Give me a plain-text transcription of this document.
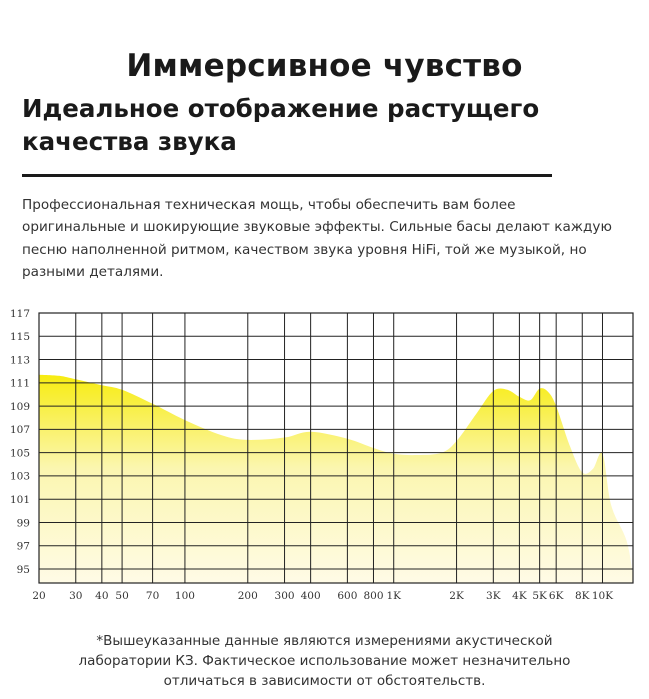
Иммерсивное чувство
Идеальное отображение растущего качества звука
Профессиональная техническая мощь, чтобы обеспечить вам более оригинальные и шокирующие звуковые эффекты. Сильные басы делают каждую песню наполненной ритмом, качеством звука уровня HiFi, той же музыкой, но разными деталями.
95
97
99
101
103
105
107
109
111
113
115
117
20 30 40 50 70 100	200 300 400 600 800 1K	2K 3K 4K 5K 6K 8K 10K
*Вышеуказанные данные являются измерениями акустической лаборатории КЗ. Фактическое использование может незначительно отличаться в зависимости от обстоятельств.
